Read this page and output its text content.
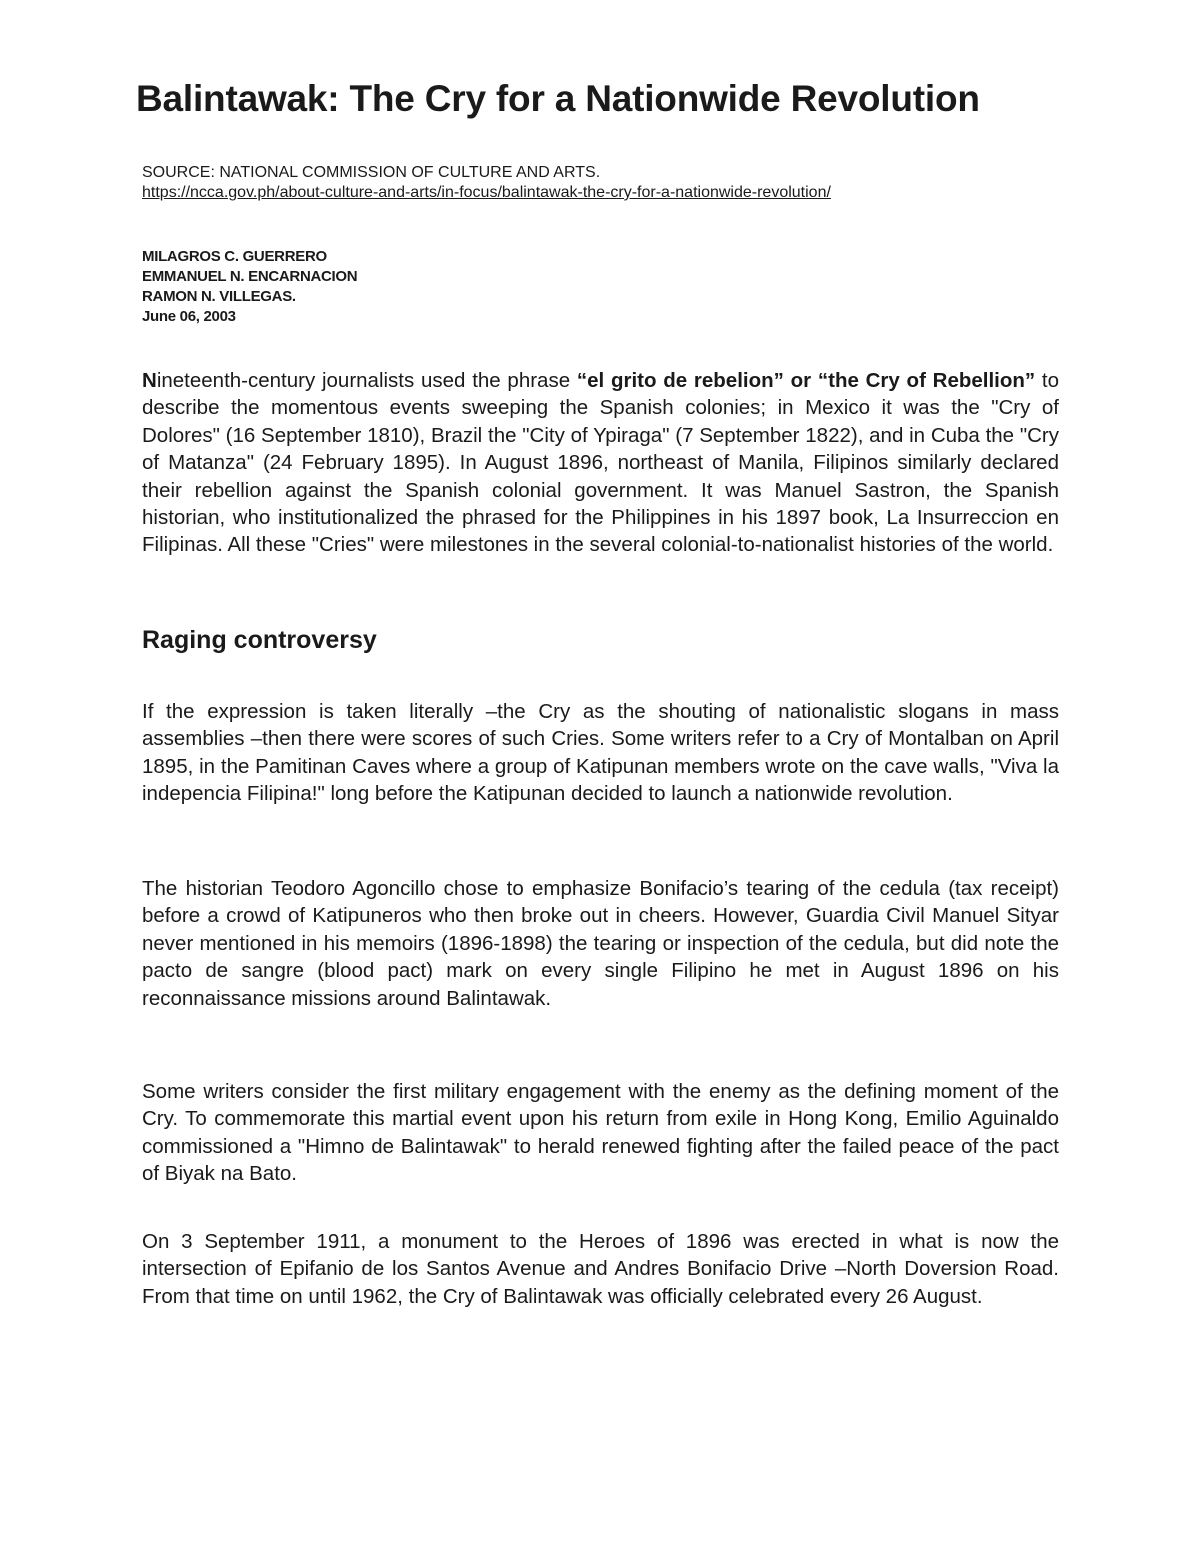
Balintawak: The Cry for a Nationwide Revolution
SOURCE: NATIONAL COMMISSION OF CULTURE AND ARTS.
https://ncca.gov.ph/about-culture-and-arts/in-focus/balintawak-the-cry-for-a-nationwide-revolution/
MILAGROS C. GUERRERO
EMMANUEL N. ENCARNACION
RAMON N. VILLEGAS.
June 06, 2003

Nineteenth-century journalists used the phrase “el grito de rebelion” or “the Cry of Rebellion” to describe the momentous events sweeping the Spanish colonies; in Mexico it was the "Cry of Dolores" (16 September 1810), Brazil the "City of Ypiraga" (7 September 1822), and in Cuba the "Cry of Matanza" (24 February 1895). In August 1896, northeast of Manila, Filipinos similarly declared their rebellion against the Spanish colonial government. It was Manuel Sastron, the Spanish historian, who institutionalized the phrased for the Philippines in his 1897 book, La Insurreccion en Filipinas. All these "Cries" were milestones in the several colonial-to-nationalist histories of the world.

Raging controversy

If the expression is taken literally –the Cry as the shouting of nationalistic slogans in mass assemblies –then there were scores of such Cries. Some writers refer to a Cry of Montalban on April 1895, in the Pamitinan Caves where a group of Katipunan members wrote on the cave walls, "Viva la indepencia Filipina!" long before the Katipunan decided to launch a nationwide revolution.

The historian Teodoro Agoncillo chose to emphasize Bonifacio’s tearing of the cedula (tax receipt) before a crowd of Katipuneros who then broke out in cheers. However, Guardia Civil Manuel Sityar never mentioned in his memoirs (1896-1898) the tearing or inspection of the cedula, but did note the pacto de sangre (blood pact) mark on every single Filipino he met in August 1896 on his reconnaissance missions around Balintawak.

Some writers consider the first military engagement with the enemy as the defining moment of the Cry. To commemorate this martial event upon his return from exile in Hong Kong, Emilio Aguinaldo commissioned a "Himno de Balintawak" to herald renewed fighting after the failed peace of the pact of Biyak na Bato.

On 3 September 1911, a monument to the Heroes of 1896 was erected in what is now the intersection of Epifanio de los Santos Avenue and Andres Bonifacio Drive –North Doversion Road. From that time on until 1962, the Cry of Balintawak was officially celebrated every 26 August.
